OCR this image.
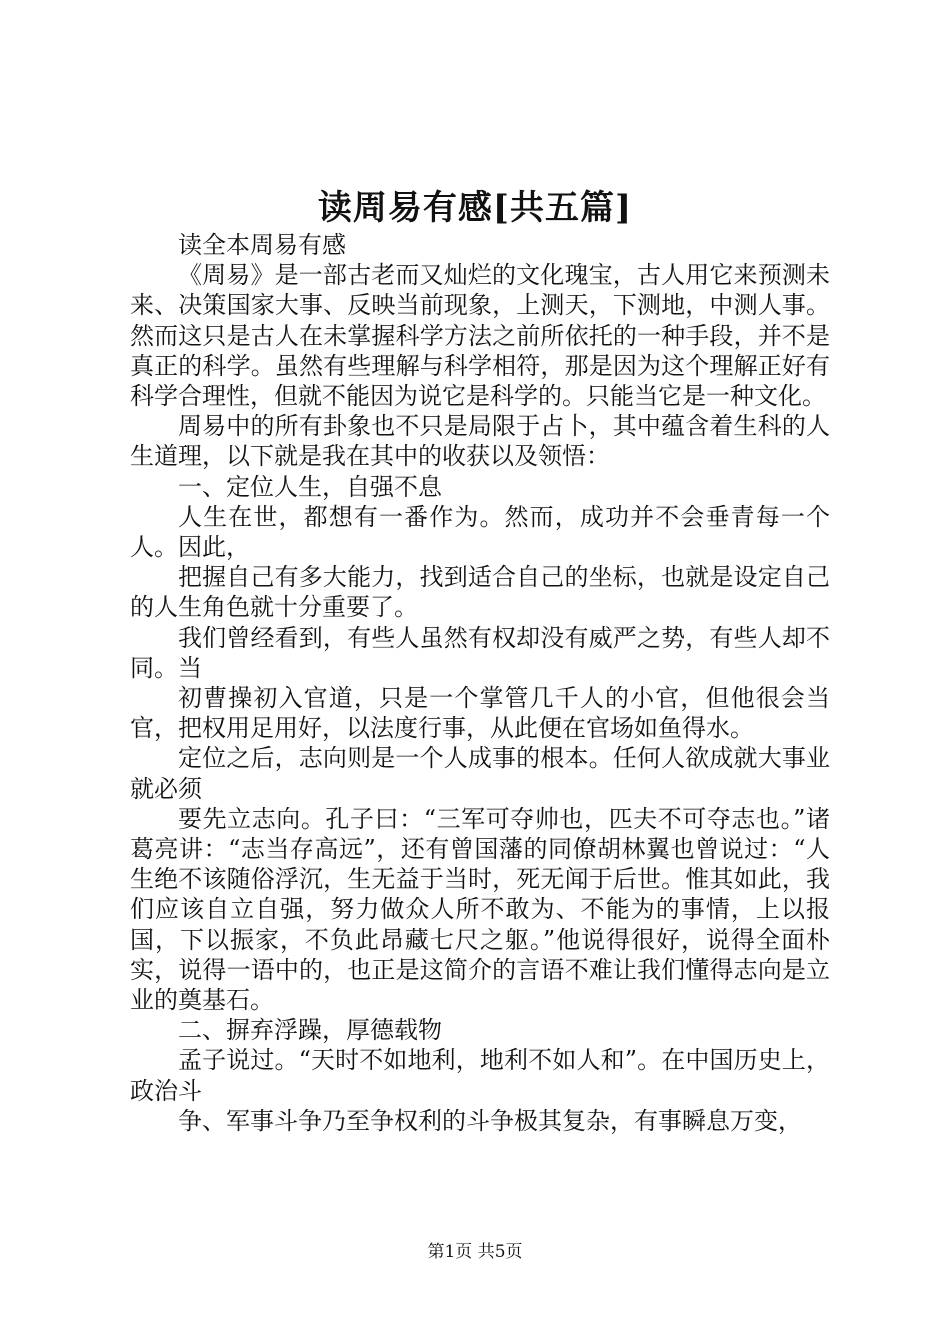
读周易有感[共五篇]

读全本周易有感

《周易》是一部古老而又灿烂的文化瑰宝，古人用它来预测未来、决策国家大事、反映当前现象，上测天，下测地，中测人事。然而这只是古人在未掌握科学方法之前所依托的一种手段，并不是真正的科学。虽然有些理解与科学相符，那是因为这个理解正好有科学合理性，但就不能因为说它是科学的。只能当它是一种文化。

周易中的所有卦象也不只是局限于占卜，其中蕴含着生科的人生道理，以下就是我在其中的收获以及领悟：

一、定位人生，自强不息

人生在世，都想有一番作为。然而，成功并不会垂青每一个人。因此，

把握自己有多大能力，找到适合自己的坐标，也就是设定自己的人生角色就十分重要了。

我们曾经看到，有些人虽然有权却没有威严之势，有些人却不同。当

初曹操初入官道，只是一个掌管几千人的小官，但他很会当官，把权用足用好，以法度行事，从此便在官场如鱼得水。

定位之后，志向则是一个人成事的根本。任何人欲成就大事业就必须

要先立志向。孔子曰：“三军可夺帅也，匹夫不可夺志也。”诸葛亮讲：“志当存高远”，还有曾国藩的同僚胡林翼也曾说过：“人生绝不该随俗浮沉，生无益于当时，死无闻于后世。惟其如此，我们应该自立自强，努力做众人所不敢为、不能为的事情，上以报国，下以振家，不负此昂藏七尺之躯。”他说得很好，说得全面朴实，说得一语中的，也正是这简介的言语不难让我们懂得志向是立业的奠基石。

二、摒弃浮躁，厚德载物

孟子说过。“天时不如地利，地利不如人和”。在中国历史上，政治斗

争、军事斗争乃至争权利的斗争极其复杂，有事瞬息万变，

第1页 共5页
